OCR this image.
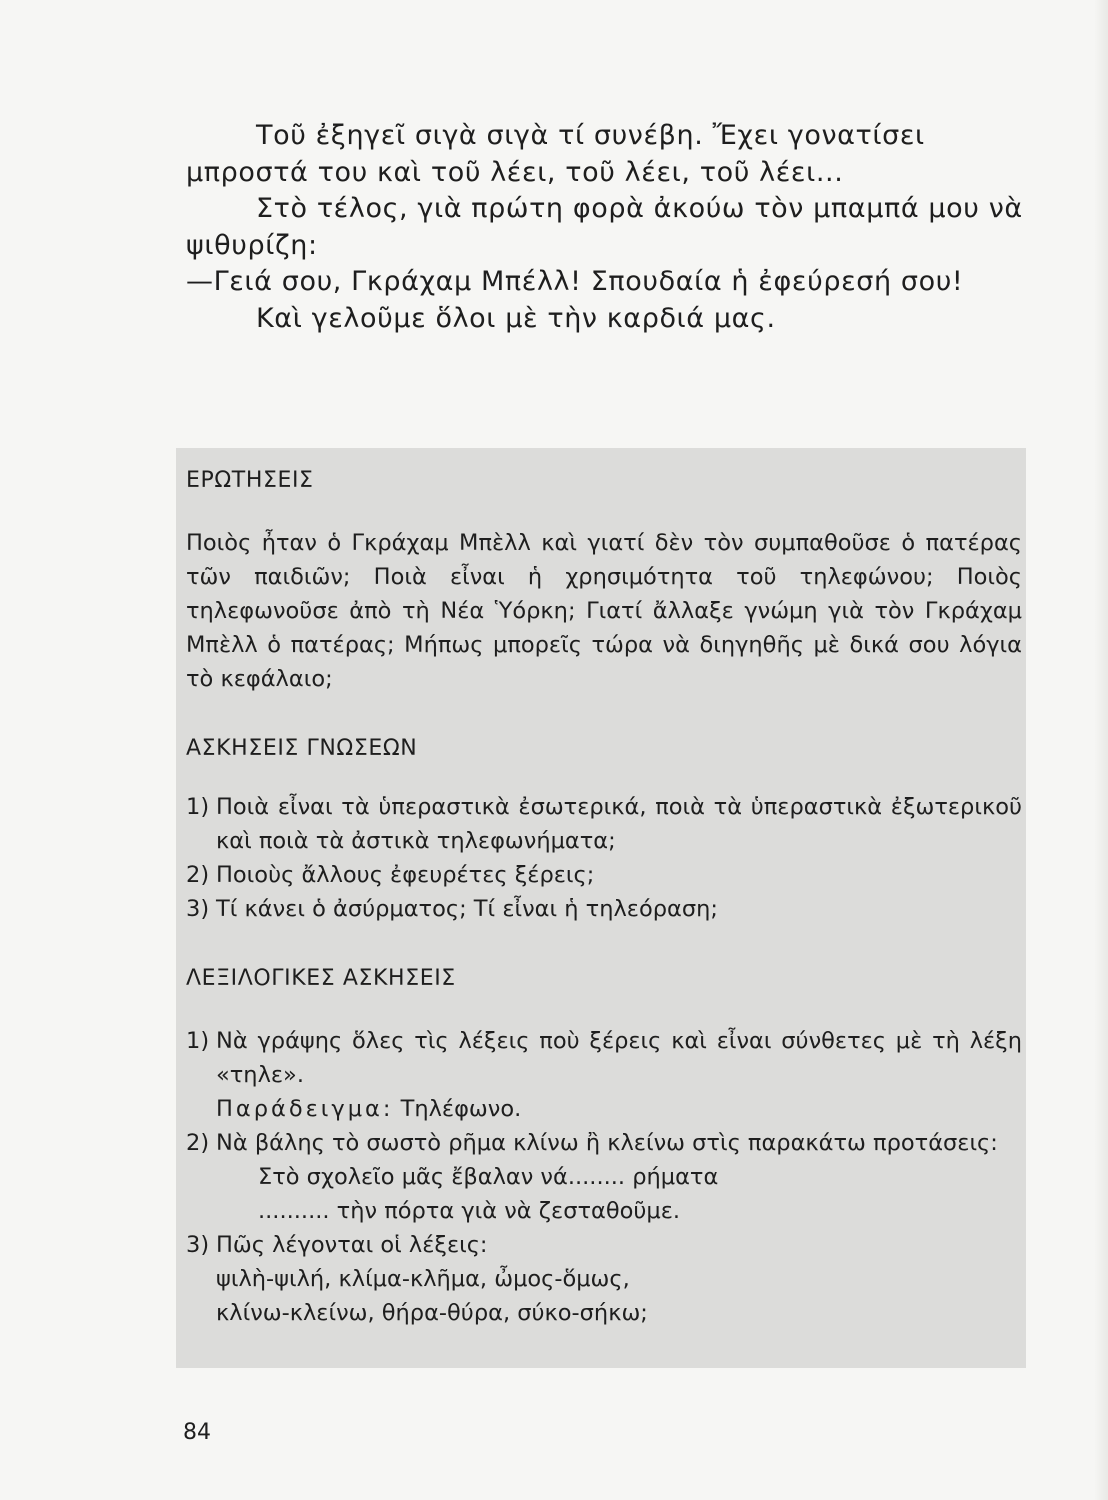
Τοῦ ἐξηγεῖ σιγὰ σιγὰ τί συνέβη. Ἔχει γονατίσει μπροστά του καὶ τοῦ λέει, τοῦ λέει, τοῦ λέει...

Στὸ τέλος, γιὰ πρώτη φορὰ ἀκούω τὸν μπαμπά μου νὰ ψιθυρίζη:

—Γειά σου, Γκράχαμ Μπέλλ! Σπουδαία ἡ ἐφεύρεσή σου!

Καὶ γελοῦμε ὅλοι μὲ τὴν καρδιά μας.

ΕΡΩΤΗΣΕΙΣ

Ποιὸς ἦταν ὁ Γκράχαμ Μπὲλλ καὶ γιατί δὲν τὸν συμπαθοῦσε ὁ πατέρας τῶν παιδιῶν; Ποιὰ εἶναι ἡ χρησιμότητα τοῦ τηλεφώνου; Ποιὸς τηλεφωνοῦσε ἀπὸ τὴ Νέα Ὑόρκη; Γιατί ἄλλαξε γνώμη γιὰ τὸν Γκράχαμ Μπὲλλ ὁ πατέρας; Μήπως μπορεῖς τώρα νὰ διηγηθῆς μὲ δικά σου λόγια τὸ κεφάλαιο;

ΑΣΚΗΣΕΙΣ ΓΝΩΣΕΩΝ
1) Ποιὰ εἶναι τὰ ὑπεραστικὰ ἐσωτερικά, ποιὰ τὰ ὑπεραστικὰ ἐξωτερικοῦ καὶ ποιὰ τὰ ἀστικὰ τηλεφωνήματα;
2) Ποιοὺς ἄλλους ἐφευρέτες ξέρεις;
3) Τί κάνει ὁ ἀσύρματος; Τί εἶναι ἡ τηλεόραση;
ΛΕΞΙΛΟΓΙΚΕΣ ΑΣΚΗΣΕΙΣ
1) Νὰ γράψης ὅλες τὶς λέξεις ποὺ ξέρεις καὶ εἶναι σύνθετες μὲ τὴ λέξη «τηλε».

Παράδειγμα: Τηλέφωνο.

2) Νὰ βάλης τὸ σωστὸ ρῆμα κλίνω ἢ κλείνω στὶς παρακάτω προτάσεις:

Στὸ σχολεῖο μᾶς ἔβαλαν νά........ ρήματα

.......... τὴν πόρτα γιὰ νὰ ζεσταθοῦμε.

3) Πῶς λέγονται οἱ λέξεις:

ψιλὴ-ψιλή, κλίμα-κλῆμα, ὦμος-ὅμως,

κλίνω-κλείνω, θήρα-θύρα, σύκο-σήκω;

84
